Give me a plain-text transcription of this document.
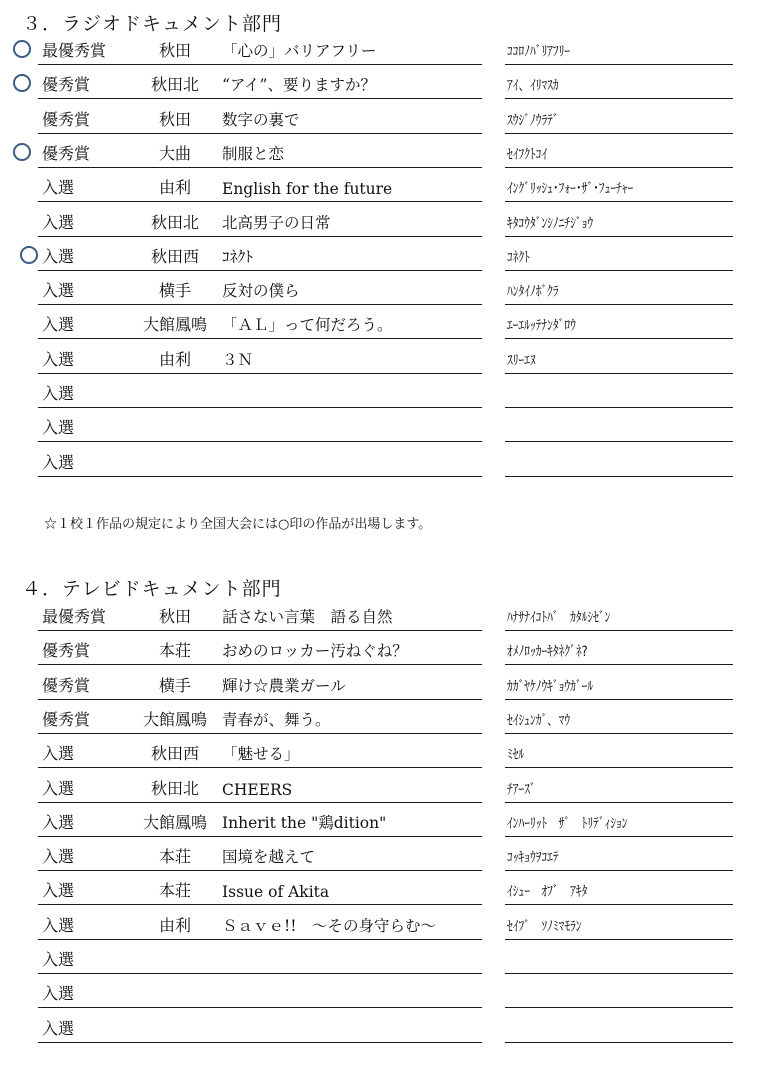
３．ラジオドキュメント部門
最優秀賞	秋田	「心の」バリアフリー	ｺｺﾛﾉﾊﾞﾘｱﾌﾘｰ
優秀賞	秋田北	“アイ”、要りますか？	ｱｲ、ｲﾘﾏｽｶ
優秀賞	秋田	数字の裏で	ｽｳｼﾞﾉｳﾗﾃﾞ
優秀賞	大曲	制服と恋	ｾｲﾌｸﾄｺｲ
入選	由利	English for the future	ｲﾝｸﾞﾘｯｼｭ･ﾌｫｰ･ｻﾞ･ﾌｭｰﾁｬｰ
入選	秋田北	北高男子の日常	ｷﾀｺｳﾀﾞﾝｼﾉﾆﾁｼﾞｮｳ
入選	秋田西	ｺﾈｸﾄ	ｺﾈｸﾄ
入選	横手	反対の僕ら	ﾊﾝﾀｲﾉﾎﾞｸﾗ
入選	大館鳳鳴 「ＡＬ」って何だろう。	ｴｰｴﾙｯﾃﾅﾝﾀﾞﾛｳ
入選	由利	３Ｎ	ｽﾘｰｴﾇ
入選
入選
入選
☆１校１作品の規定により全国大会には○印の作品が出場します。
４．テレビドキュメント部門
最優秀賞	秋田	話さない言葉　語る自然	ﾊﾅｻﾅｲｺﾄﾊﾞ　ｶﾀﾙｼｾﾞﾝ
優秀賞	本荘	おめのロッカー汚ねぐね？	ｵﾒﾉﾛｯｶｰｷﾀﾈｸﾞﾈ?
優秀賞	横手	輝け☆農業ガール	ｶｶﾞﾔｹﾉｳｷﾞｮｳｶﾞｰﾙ
優秀賞	大館鳳鳴 青春が、舞う。	ｾｲｼｭﾝｶﾞ、ﾏｳ
入選	秋田西	「魅せる」	ﾐｾﾙ
入選	秋田北	CHEERS	ﾁｱｰｽﾞ
入選	大館鳳鳴 Inherit the "鶏dition"	ｲﾝﾊｰﾘｯﾄ　ｻﾞ　ﾄﾘﾃﾞｨｼｮﾝ
入選	本荘	国境を越えて	ｺｯｷｮｳｦｺｴﾃ
入選	本荘	Issue of Akita	ｲｼｭｰ　ｵﾌﾞ　ｱｷﾀ
入選	由利	Ｓａｖｅ!!　～その身守らむ～	ｾｲﾌﾞ　ｿﾉﾐﾏﾓﾗﾝ
入選
入選
入選
